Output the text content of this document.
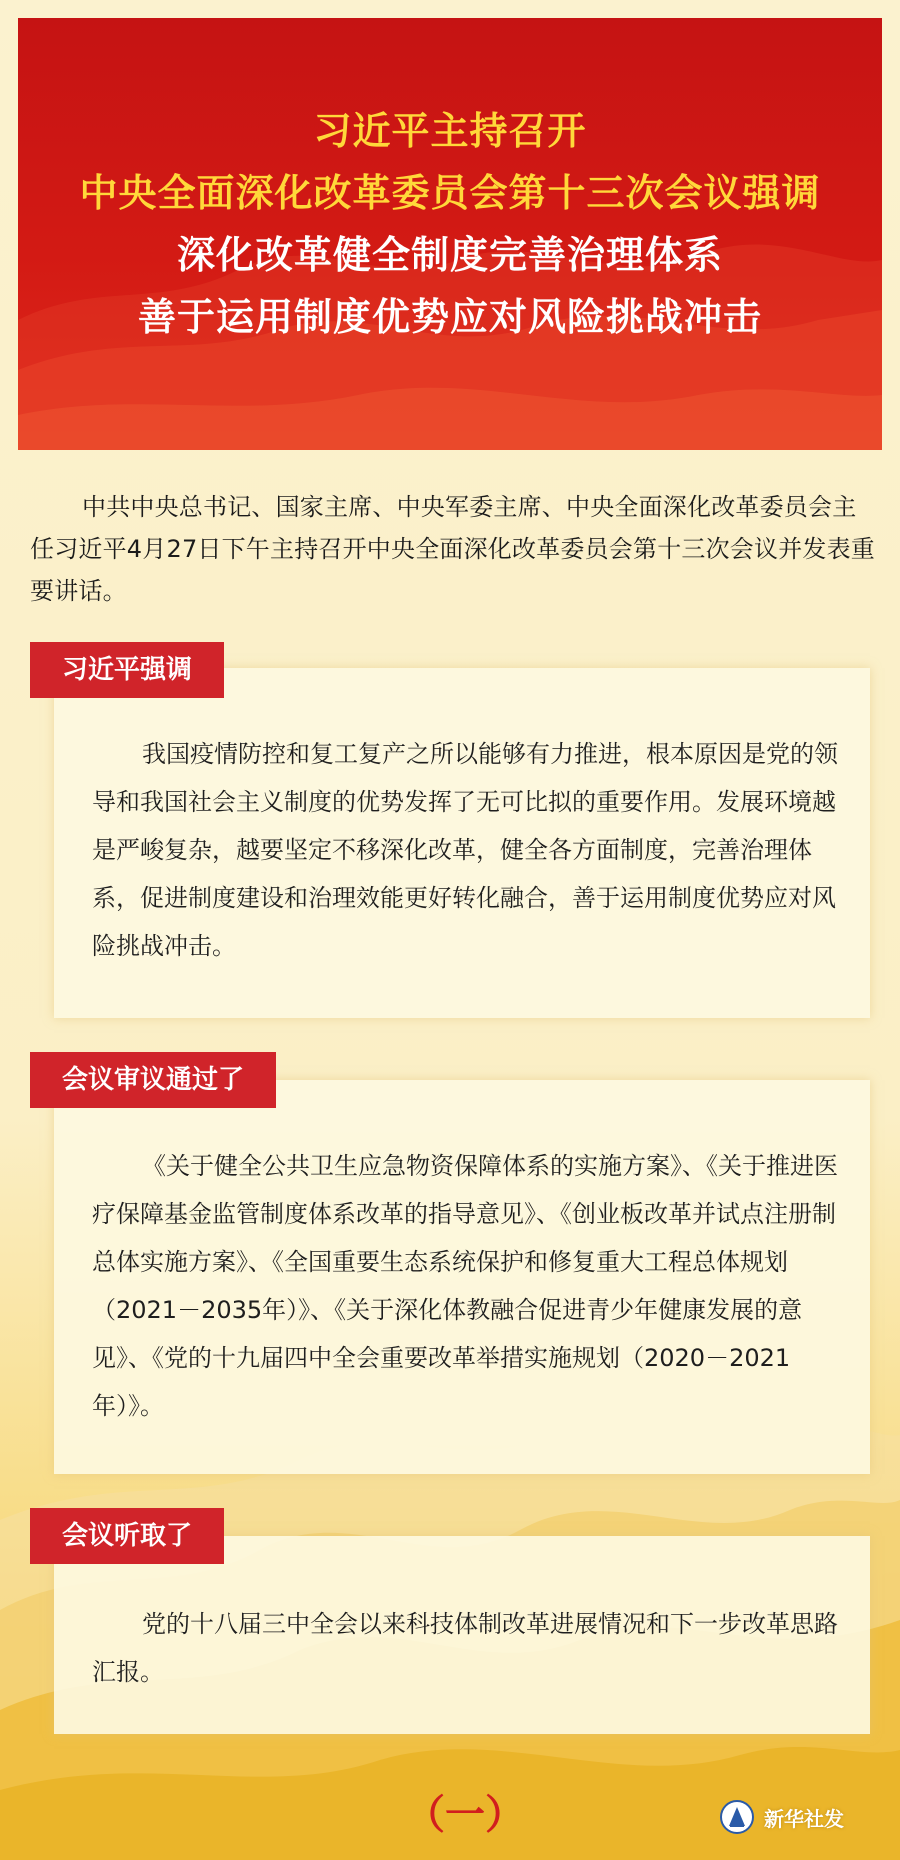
习近平主持召开
中央全面深化改革委员会第十三次会议强调
深化改革健全制度完善治理体系
善于运用制度优势应对风险挑战冲击
中共中央总书记、国家主席、中央军委主席、中央全面深化改革委员会主任习近平4月27日下午主持召开中央全面深化改革委员会第十三次会议并发表重要讲话。
习近平强调
我国疫情防控和复工复产之所以能够有力推进，根本原因是党的领导和我国社会主义制度的优势发挥了无可比拟的重要作用。发展环境越是严峻复杂，越要坚定不移深化改革，健全各方面制度，完善治理体系，促进制度建设和治理效能更好转化融合，善于运用制度优势应对风险挑战冲击。
会议审议通过了
《关于健全公共卫生应急物资保障体系的实施方案》、《关于推进医疗保障基金监管制度体系改革的指导意见》、《创业板改革并试点注册制总体实施方案》、《全国重要生态系统保护和修复重大工程总体规划（2021－2035年）》、《关于深化体教融合促进青少年健康发展的意见》、《党的十九届四中全会重要改革举措实施规划（2020－2021年）》。
会议听取了
党的十八届三中全会以来科技体制改革进展情况和下一步改革思路汇报。
（一）	新华社发
